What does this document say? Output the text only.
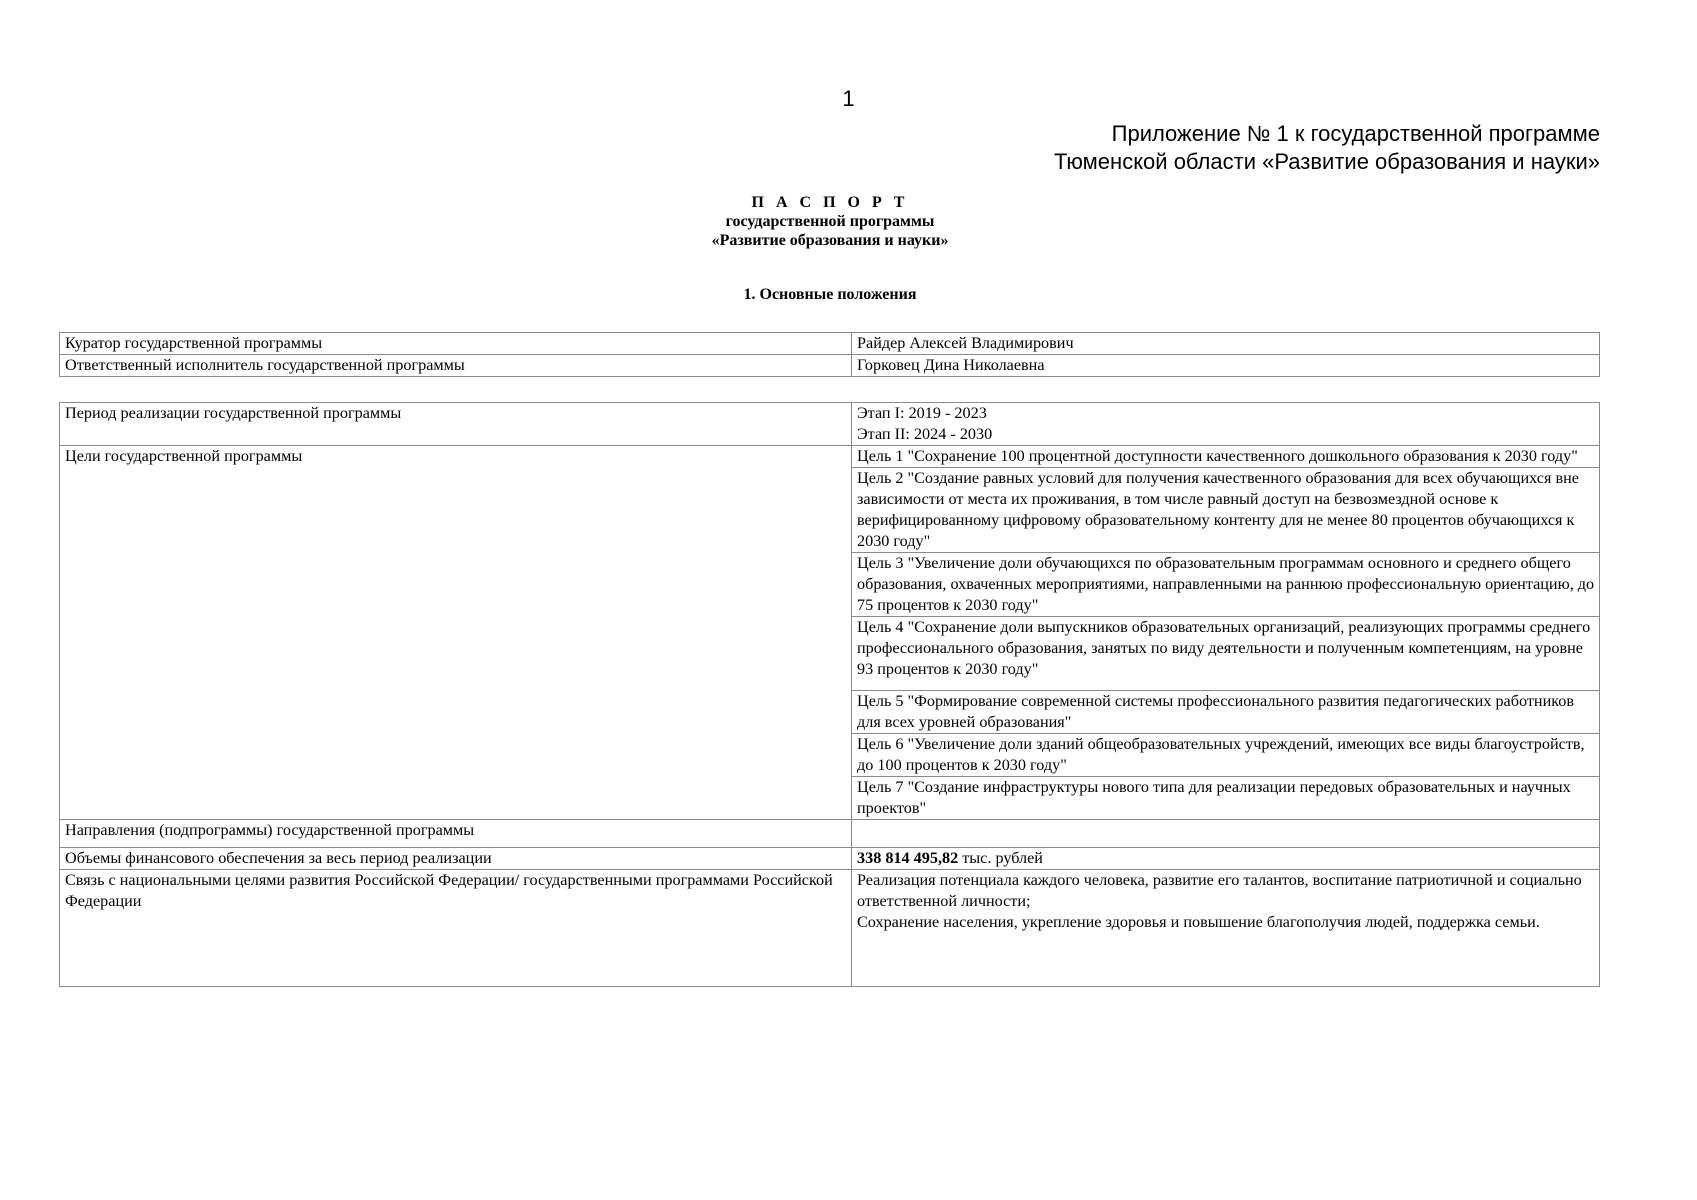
1
Приложение № 1 к государственной программе
Тюменской области «Развитие образования и науки»
П А С П О Р Т
государственной программы
«Развитие образования и науки»
1. Основные положения
Куратор государственной программы	Райдер Алексей Владимирович
Ответственный исполнитель государственной программы	Горковец Дина Николаевна
Период реализации государственной программы	Этап I: 2019 - 2023
Этап II: 2024 - 2030

Цели государственной программы	Цель 1 "Сохранение 100 процентной доступности качественного дошкольного образования к 2030 году"
	Цель 2 "Создание равных условий для получения качественного образования для всех обучающихся вне зависимости от места их проживания, в том числе равный доступ на безвозмездной основе к верифицированному цифровому образовательному контенту для не менее 80 процентов обучающихся к 2030 году"
	Цель 3 "Увеличение доли обучающихся по образовательным программам основного и среднего общего образования, охваченных мероприятиями, направленными на раннюю профессиональную ориентацию, до 75 процентов к 2030 году"
	Цель 4 "Сохранение доли выпускников образовательных организаций, реализующих программы среднего профессионального образования, занятых по виду деятельности и полученным компетенциям, на уровне 93 процентов к 2030 году"
	Цель 5 "Формирование современной системы профессионального развития педагогических работников для всех уровней образования"
	Цель 6 "Увеличение доли зданий общеобразовательных учреждений, имеющих все виды благоустройств, до 100 процентов к 2030 году"
	Цель 7 "Создание инфраструктуры нового типа для реализации передовых образовательных и научных проектов"
Направления (подпрограммы) государственной программы	
Объемы финансового обеспечения за весь период реализации	338 814 495,82 тыс. рублей
Связь с национальными целями развития Российской Федерации/ государственными программами Российской Федерации	Реализация потенциала каждого человека, развитие его талантов, воспитание патриотичной и социально ответственной личности;
Сохранение населения, укрепление здоровья и повышение благополучия людей, поддержка семьи.
